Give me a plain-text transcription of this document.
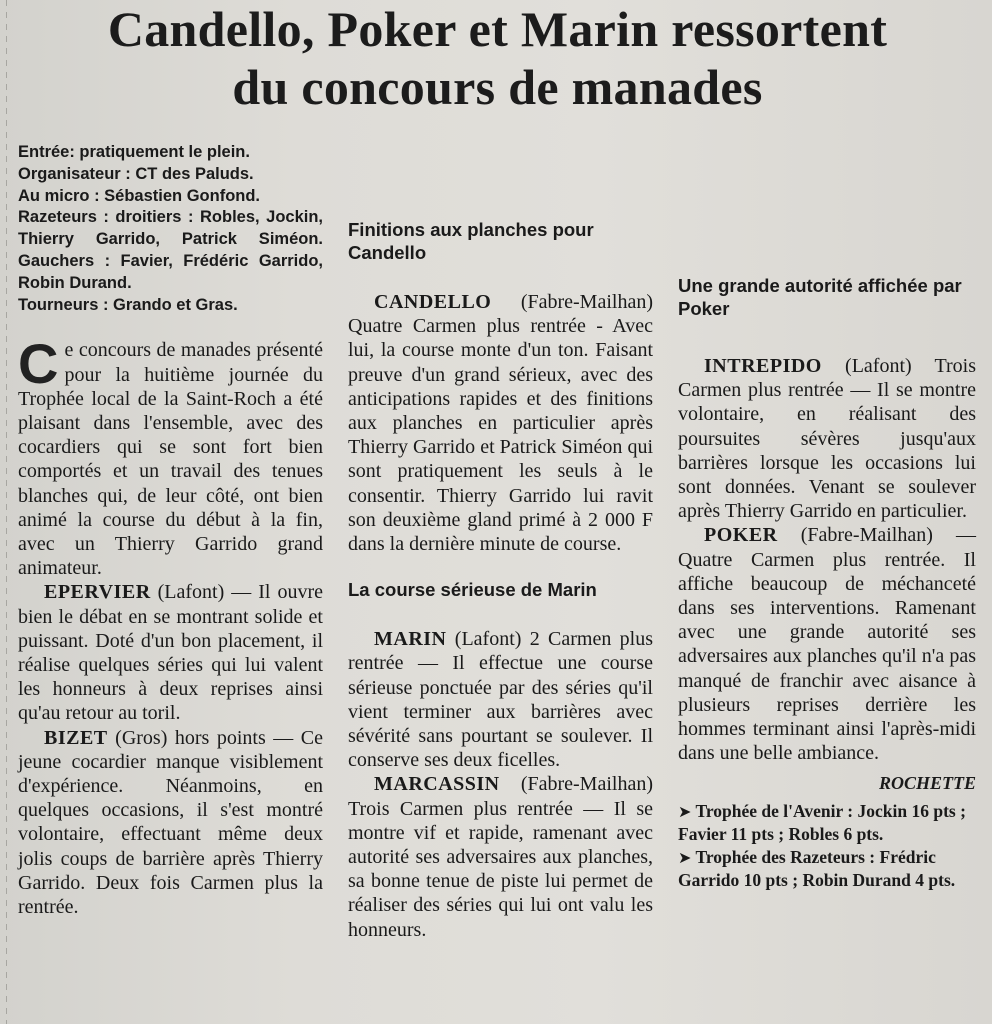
Candello, Poker et Marin ressortent
du concours de manades

Entrée: pratiquement le plein.

Organisateur : CT des Paluds.

Au micro : Sébastien Gonfond.

Razeteurs : droitiers : Robles, Jockin, Thierry Garrido, Patrick Siméon. Gauchers : Favier, Frédéric Garrido, Robin Durand.

Tourneurs : Grando et Gras.

Ce concours de manades présenté pour la huitième journée du Trophée local de la Saint-Roch a été plaisant dans l'ensemble, avec des cocardiers qui se sont fort bien comportés et un travail des tenues blanches qui, de leur côté, ont bien animé la course du début à la fin, avec un Thierry Garrido grand animateur.

EPERVIER (Lafont) — Il ouvre bien le débat en se montrant solide et puissant. Doté d'un bon placement, il réalise quelques séries qui lui valent les honneurs à deux reprises ainsi qu'au retour au toril.

BIZET (Gros) hors points — Ce jeune cocardier manque visiblement d'expérience. Néanmoins, en quelques occasions, il s'est montré volontaire, effectuant même deux jolis coups de barrière après Thierry Garrido. Deux fois Carmen plus la rentrée.

Finitions aux planches pour Candello

CANDELLO (Fabre-Mailhan) Quatre Carmen plus rentrée - Avec lui, la course monte d'un ton. Faisant preuve d'un grand sérieux, avec des anticipations rapides et des finitions aux planches en particulier après Thierry Garrido et Patrick Siméon qui sont pratiquement les seuls à le consentir. Thierry Garrido lui ravit son deuxième gland primé à 2 000 F dans la dernière minute de course.

La course sérieuse de Marin

MARIN (Lafont) 2 Carmen plus rentrée — Il effectue une course sérieuse ponctuée par des séries qu'il vient terminer aux barrières avec sévérité sans pourtant se soulever. Il conserve ses deux ficelles.

MARCASSIN (Fabre-Mailhan) Trois Carmen plus rentrée — Il se montre vif et rapide, ramenant avec autorité ses adversaires aux planches, sa bonne tenue de piste lui permet de réaliser des séries qui lui ont valu les honneurs.

Une grande autorité affichée par Poker

INTREPIDO (Lafont) Trois Carmen plus rentrée — Il se montre volontaire, en réalisant des poursuites sévères jusqu'aux barrières lorsque les occasions lui sont données. Venant se soulever après Thierry Garrido en particulier.

POKER (Fabre-Mailhan) — Quatre Carmen plus rentrée. Il affiche beaucoup de méchanceté dans ses interventions. Ramenant avec une grande autorité ses adversaires aux planches qu'il n'a pas manqué de franchir avec aisance à plusieurs reprises derrière les hommes terminant ainsi l'après-midi dans une belle ambiance.

ROCHETTE

➤ Trophée de l'Avenir : Jockin 16 pts ; Favier 11 pts ; Robles 6 pts.

➤ Trophée des Razeteurs : Frédric Garrido 10 pts ; Robin Durand 4 pts.
